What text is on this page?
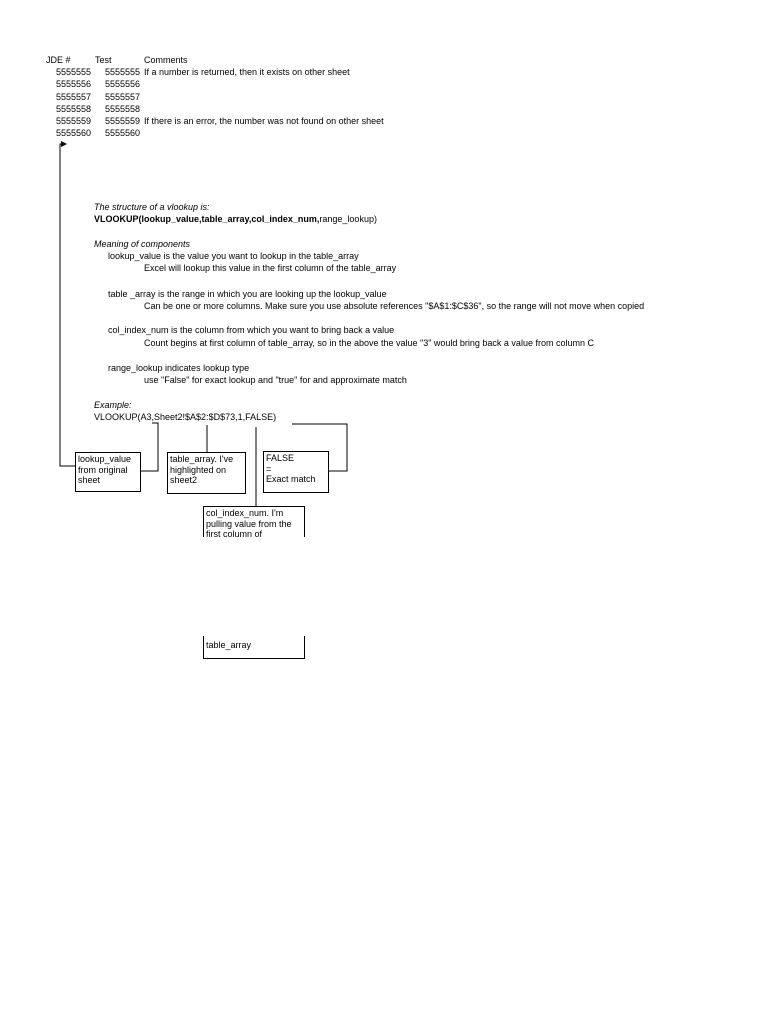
JDE #	Test	Comments
5555555	5555555 If a number is returned, then it exists on other sheet
5555556	5555556
5555557	5555557
5555558	5555558
5555559	5555559 If there is an error, the number was not found on other sheet
5555560	5555560
The structure of a vlookup is:
VLOOKUP(lookup_value,table_array,col_index_num,range_lookup)
Meaning of components
lookup_value is the value you want to lookup in the table_array
Excel will lookup this value in the first column of the table_array
table _array is the range in which you are looking up the lookup_value
Can be one or more columns. Make sure you use absolute references "$A$1:$C$36", so the range will not move when copied
col_index_num is the column from which you want to bring back a value
Count begins at first column of table_array, so in the above the value "3" would bring back a value from column C
range_lookup indicates lookup type
use "False" for exact lookup and "true" for and approximate match
Example:
VLOOKUP(A3,Sheet2!$A$2:$D$73,1,FALSE)
lookup_value
from original
sheet
table_array. I've
highlighted on
sheet2
FALSE
=
Exact match
col_index_num. I'm
pulling value from the
first column of
table_array
